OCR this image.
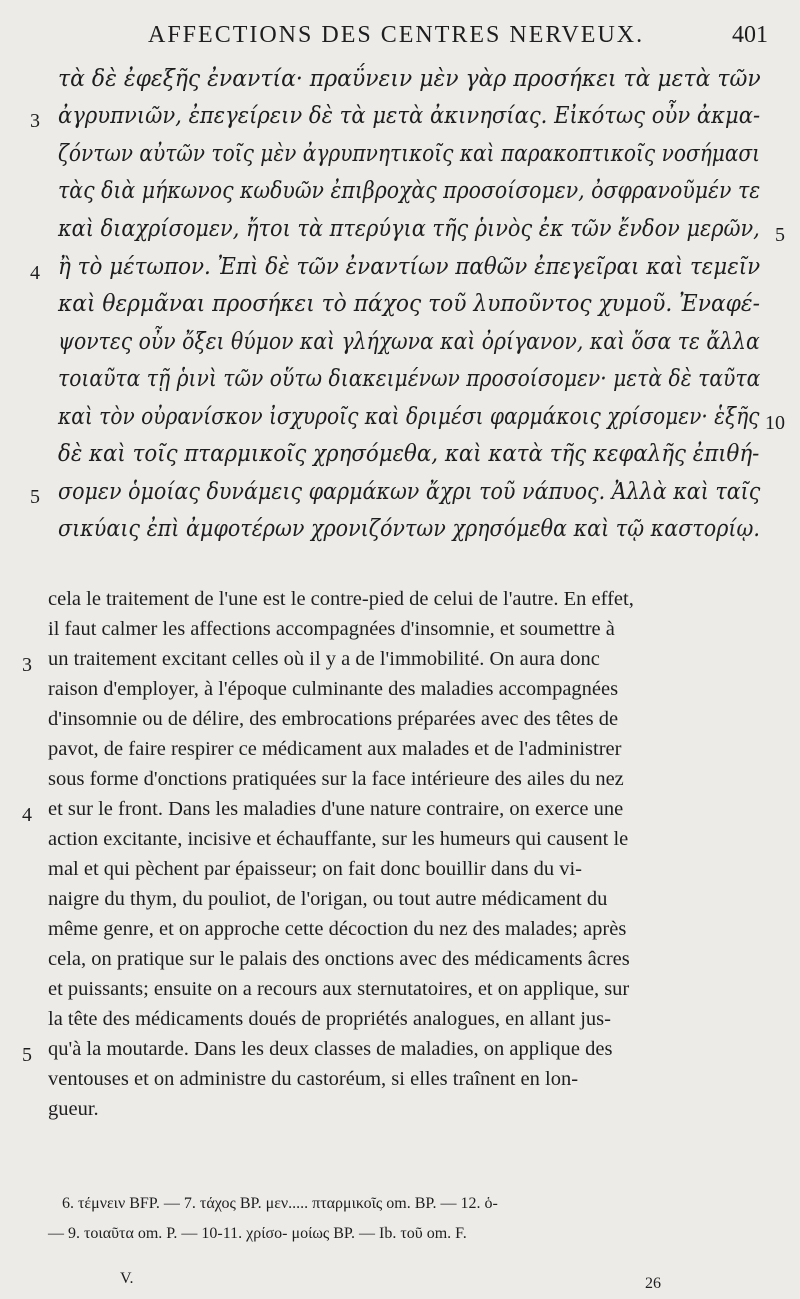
AFFECTIONS DES CENTRES NERVEUX.	401
τὰ δὲ ἐφεξῆς ἐναντία· πραΰνειν μὲν γὰρ προσήκει τὰ μετὰ τῶν
ἀγρυπνιῶν, ἐπεγείρειν δὲ τὰ μετὰ ἀκινησίας. Εἰκότως οὖν ἀκμα-
ζόντων αὐτῶν τοῖς μὲν ἀγρυπνητικοῖς καὶ παρακοπτικοῖς νοσήμασι
τὰς διὰ μήκωνος κωδυῶν ἐπιβροχὰς προσοίσομεν, ὀσφρανοῦμέν τε
καὶ διαχρίσομεν, ἤτοι τὰ πτερύγια τῆς ῥινὸς ἐκ τῶν ἔνδον μερῶν,
ἢ τὸ μέτωπον. Ἐπὶ δὲ τῶν ἐναντίων παθῶν ἐπεγεῖραι καὶ τεμεῖν
καὶ θερμᾶναι προσήκει τὸ πάχος τοῦ λυποῦντος χυμοῦ. Ἐναφέ-
ψοντες οὖν ὄξει θύμον καὶ γλήχωνα καὶ ὀρίγανον, καὶ ὅσα τε ἄλλα
τοιαῦτα τῇ ῥινὶ τῶν οὕτω διακειμένων προσοίσομεν· μετὰ δὲ ταῦτα
καὶ τὸν οὐρανίσκον ἰσχυροῖς καὶ δριμέσι φαρμάκοις χρίσομεν· ἑξῆς
δὲ καὶ τοῖς πταρμικοῖς χρησόμεθα, καὶ κατὰ τῆς κεφαλῆς ἐπιθή-
σομεν ὁμοίας δυνάμεις φαρμάκων ἄχρι τοῦ νάπυος. Ἀλλὰ καὶ ταῖς
σικύαις ἐπὶ ἀμφοτέρων χρονιζόντων χρησόμεθα καὶ τῷ καστορίῳ.
3
4
5
5
10
cela le traitement de l'une est le contre-pied de celui de l'autre. En effet,
il faut calmer les affections accompagnées d'insomnie, et soumettre à
un traitement excitant celles où il y a de l'immobilité. On aura donc
raison d'employer, à l'époque culminante des maladies accompagnées
d'insomnie ou de délire, des embrocations préparées avec des têtes de
pavot, de faire respirer ce médicament aux malades et de l'administrer
sous forme d'onctions pratiquées sur la face intérieure des ailes du nez
et sur le front. Dans les maladies d'une nature contraire, on exerce une
action excitante, incisive et échauffante, sur les humeurs qui causent le
mal et qui pèchent par épaisseur; on fait donc bouillir dans du vi-
naigre du thym, du pouliot, de l'origan, ou tout autre médicament du
même genre, et on approche cette décoction du nez des malades; après
cela, on pratique sur le palais des onctions avec des médicaments âcres
et puissants; ensuite on a recours aux sternutatoires, et on applique, sur
la tête des médicaments doués de propriétés analogues, en allant jus-
qu'à la moutarde. Dans les deux classes de maladies, on applique des
ventouses et on administre du castoréum, si elles traînent en lon-
gueur.
3
4
5
6. τέμνειν BFP. — 7. τάχος BP. μεν..... πταρμικοῖς om. BP. — 12. ὁ-
— 9. τοιαῦτα om. P. — 10-11. χρίσο- μοίως BP. — Ib. τοῦ om. F.
V.	26
